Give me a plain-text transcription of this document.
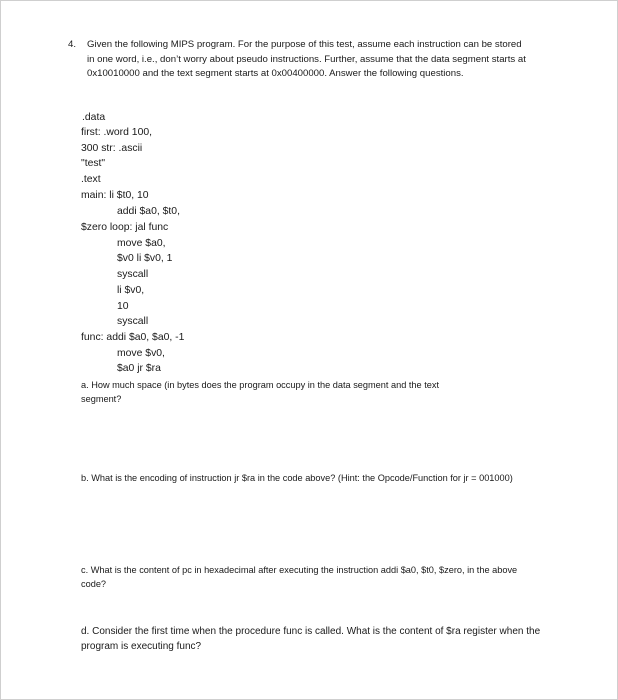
4. Given the following MIPS program. For the purpose of this test, assume each instruction can be stored in one word, i.e., don’t worry about pseudo instructions. Further, assume that the data segment starts at 0x10010000 and the text segment starts at 0x00400000. Answer the following questions.
.data
first: .word 100,
300 str: .ascii
"test"
.text
main: li $t0, 10
addi $a0, $t0,
$zero loop: jal func
move $a0,
$v0 li $v0, 1
syscall
li $v0,
10
syscall
func: addi $a0, $a0, -1
move $v0,
$a0 jr $ra
a. How much space (in bytes does the program occupy in the data segment and the text segment?
b. What is the encoding of instruction jr $ra in the code above? (Hint: the Opcode/Function for jr = 001000)
c. What is the content of pc in hexadecimal after executing the instruction addi $a0, $t0, $zero, in the above code?
d. Consider the first time when the procedure func is called. What is the content of $ra register when the program is executing func?
